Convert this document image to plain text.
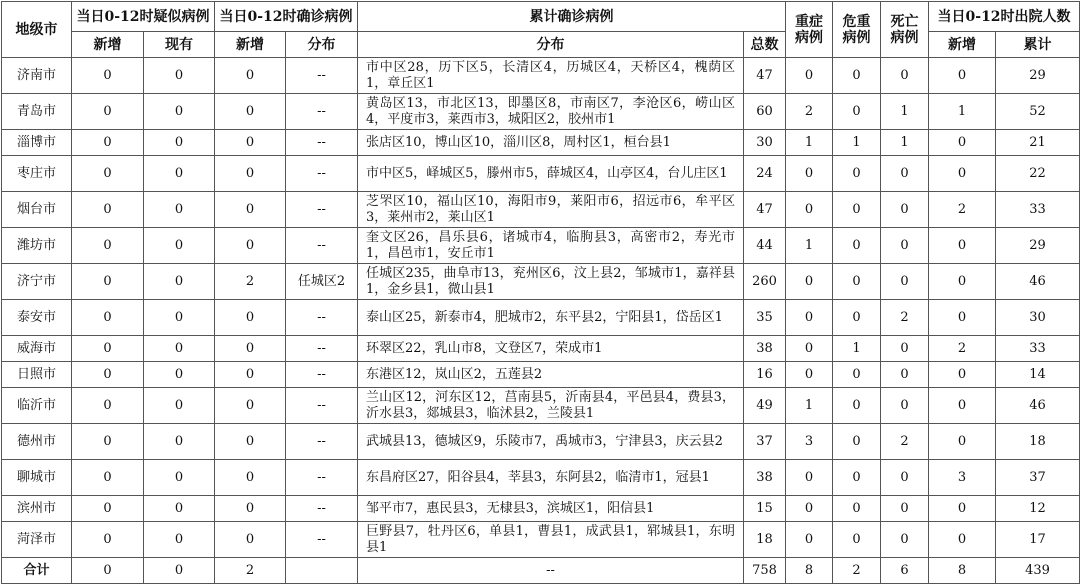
地级市	当日0-12时疑似病例		当日0-12时确诊病例		累计确诊病例		重症病例	危重病例	死亡病例	当日0-12时出院人数	
	新增	现有	新增	分布	分布	总数				新增	累计
济南市	0	0	0	--	市中区28，历下区5，长清区4，历城区4，天桥区4，槐荫区1，章丘区1	47	0	0	0	0	29
青岛市	0	0	0	--	黄岛区13，市北区13，即墨区8，市南区7，李沧区6，崂山区4，平度市3，莱西市3，城阳区2，胶州市1	60	2	0	1	1	52
淄博市	0	0	0	--	张店区10，博山区10，淄川区8，周村区1，桓台县1	30	1	1	1	0	21
枣庄市	0	0	0	--	市中区5，峄城区5，滕州市5，薛城区4，山亭区4，台儿庄区1	24	0	0	0	0	22
烟台市	0	0	0	--	芝罘区10，福山区10，海阳市9，莱阳市6，招远市6，牟平区3，莱州市2，莱山区1	47	0	0	0	2	33
潍坊市	0	0	0	--	奎文区26，昌乐县6，诸城市4，临朐县3，高密市2，寿光市1，昌邑市1，安丘市1	44	1	0	0	0	29
济宁市	0	0	2	任城区2	任城区235，曲阜市13，兖州区6，汶上县2，邹城市1，嘉祥县1，金乡县1，微山县1	260	0	0	0	0	46
泰安市	0	0	0	--	泰山区25，新泰市4，肥城市2，东平县2，宁阳县1，岱岳区1	35	0	0	2	0	30
威海市	0	0	0	--	环翠区22，乳山市8，文登区7，荣成市1	38	0	1	0	2	33
日照市	0	0	0	--	东港区12，岚山区2，五莲县2	16	0	0	0	0	14
临沂市	0	0	0	--	兰山区12，河东区12，莒南县5，沂南县4，平邑县4，费县3，沂水县3，郯城县3，临沭县2，兰陵县1	49	1	0	0	0	46
德州市	0	0	0	--	武城县13，德城区9，乐陵市7，禹城市3，宁津县3，庆云县2	37	3	0	2	0	18
聊城市	0	0	0	--	东昌府区27，阳谷县4，莘县3，东阿县2，临清市1，冠县1	38	0	0	0	3	37
滨州市	0	0	0	--	邹平市7，惠民县3，无棣县3，滨城区1，阳信县1	15	0	0	0	0	12
菏泽市	0	0	0	--	巨野县7，牡丹区6，单县1，曹县1，成武县1，郓城县1，东明县1	18	0	0	0	0	17
合计	0	0	2		--	758	8	2	6	8	439
